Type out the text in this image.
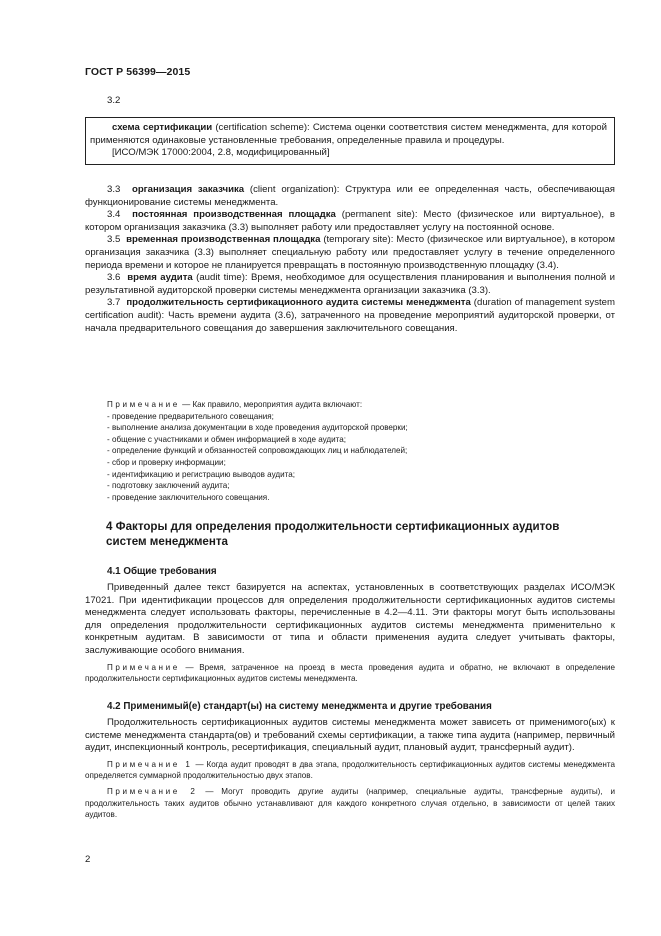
ГОСТ Р 56399—2015

3.2

схема сертификации (certification scheme): Система оценки соответствия систем менеджмента, для которой применяются одинаковые установленные требования, определенные правила и процедуры.

[ИСО/МЭК 17000:2004, 2.8, модифицированный]

3.3 организация заказчика (client organization): Структура или ее определенная часть, обеспечивающая функционирование системы менеджмента.

3.4 постоянная производственная площадка (permanent site): Место (физическое или виртуальное), в котором организация заказчика (3.3) выполняет работу или предоставляет услугу на постоянной основе.

3.5 временная производственная площадка (temporary site): Место (физическое или виртуальное), в котором организация заказчика (3.3) выполняет специальную работу или предоставляет услугу в течение определенного периода времени и которое не планируется превращать в постоянную производственную площадку (3.4).

3.6 время аудита (audit time): Время, необходимое для осуществления планирования и выполнения полной и результативной аудиторской проверки системы менеджмента организации заказчика (3.3).

3.7 продолжительность сертификационного аудита системы менеджмента (duration of management system certification audit): Часть времени аудита (3.6), затраченного на проведение мероприятий аудиторской проверки, от начала предварительного совещания до завершения заключительного совещания.

Примечание — Как правило, мероприятия аудита включают:

- проведение предварительного совещания;

- выполнение анализа документации в ходе проведения аудиторской проверки;

- общение с участниками и обмен информацией в ходе аудита;

- определение функций и обязанностей сопровождающих лиц и наблюдателей;

- сбор и проверку информации;

- идентификацию и регистрацию выводов аудита;

- подготовку заключений аудита;

- проведение заключительного совещания.

4 Факторы для определения продолжительности сертификационных аудитов систем менеджмента

4.1 Общие требования

Приведенный далее текст базируется на аспектах, установленных в соответствующих разделах ИСО/МЭК 17021. При идентификации процессов для определения продолжительности сертификационных аудитов системы менеджмента следует использовать факторы, перечисленные в 4.2—4.11. Эти факторы могут быть использованы для определения продолжительности сертификационных аудитов системы менеджмента применительно к конкретным аудитам. В зависимости от типа и области применения аудита следует учитывать факторы, заслуживающие особого внимания.

Примечание — Время, затраченное на проезд в места проведения аудита и обратно, не включают в определение продолжительности сертификационных аудитов системы менеджмента.

4.2 Применимый(е) стандарт(ы) на систему менеджмента и другие требования

Продолжительность сертификационных аудитов системы менеджмента может зависеть от применимого(ых) к системе менеджмента стандарта(ов) и требований схемы сертификации, а также типа аудита (например, первичный аудит, инспекционный контроль, ресертификация, специальный аудит, плановый аудит, трансферный аудит).

Примечание 1 — Когда аудит проводят в два этапа, продолжительность сертификационных аудитов системы менеджмента определяется суммарной продолжительностью двух этапов.

Примечание 2 — Могут проводить другие аудиты (например, специальные аудиты, трансферные аудиты), и продолжительность таких аудитов обычно устанавливают для каждого конкретного случая отдельно, в зависимости от целей таких аудитов.

2
